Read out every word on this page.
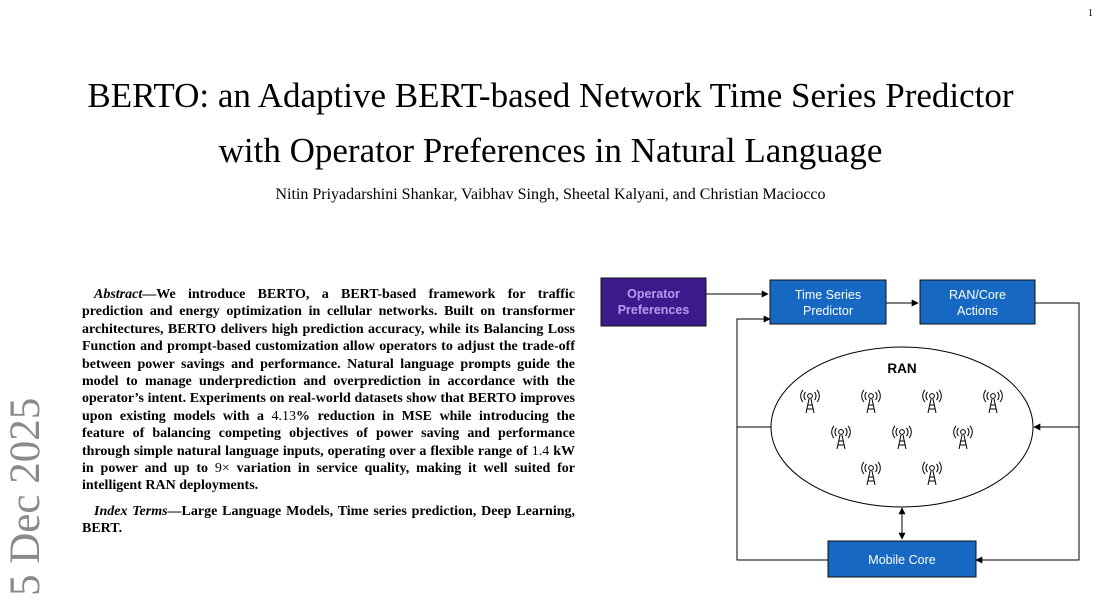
1
5 Dec 2025
BERTO: an Adaptive BERT-based Network Time Series Predictor
with Operator Preferences in Natural Language
Nitin Priyadarshini Shankar, Vaibhav Singh, Sheetal Kalyani, and Christian Maciocco

Abstract—We introduce BERTO, a BERT-based framework for traffic prediction and energy optimization in cellular networks. Built on transformer architectures, BERTO delivers high prediction accuracy, while its Balancing Loss Function and prompt-based customization allow operators to adjust the trade-off between power savings and performance. Natural language prompts guide the model to manage underprediction and overprediction in accordance with the operator’s intent. Experiments on real-world datasets show that BERTO improves upon existing models with a 4.13% reduction in MSE while introducing the feature of balancing competing objectives of power saving and performance through simple natural language inputs, operating over a flexible range of 1.4 kW in power and up to 9× variation in service quality, making it well suited for intelligent RAN deployments.

Index Terms—Large Language Models, Time series prediction, Deep Learning, BERT.

Operator
Preferences
Time Series
Predictor
RAN/Core
Actions
RAN
Mobile Core
